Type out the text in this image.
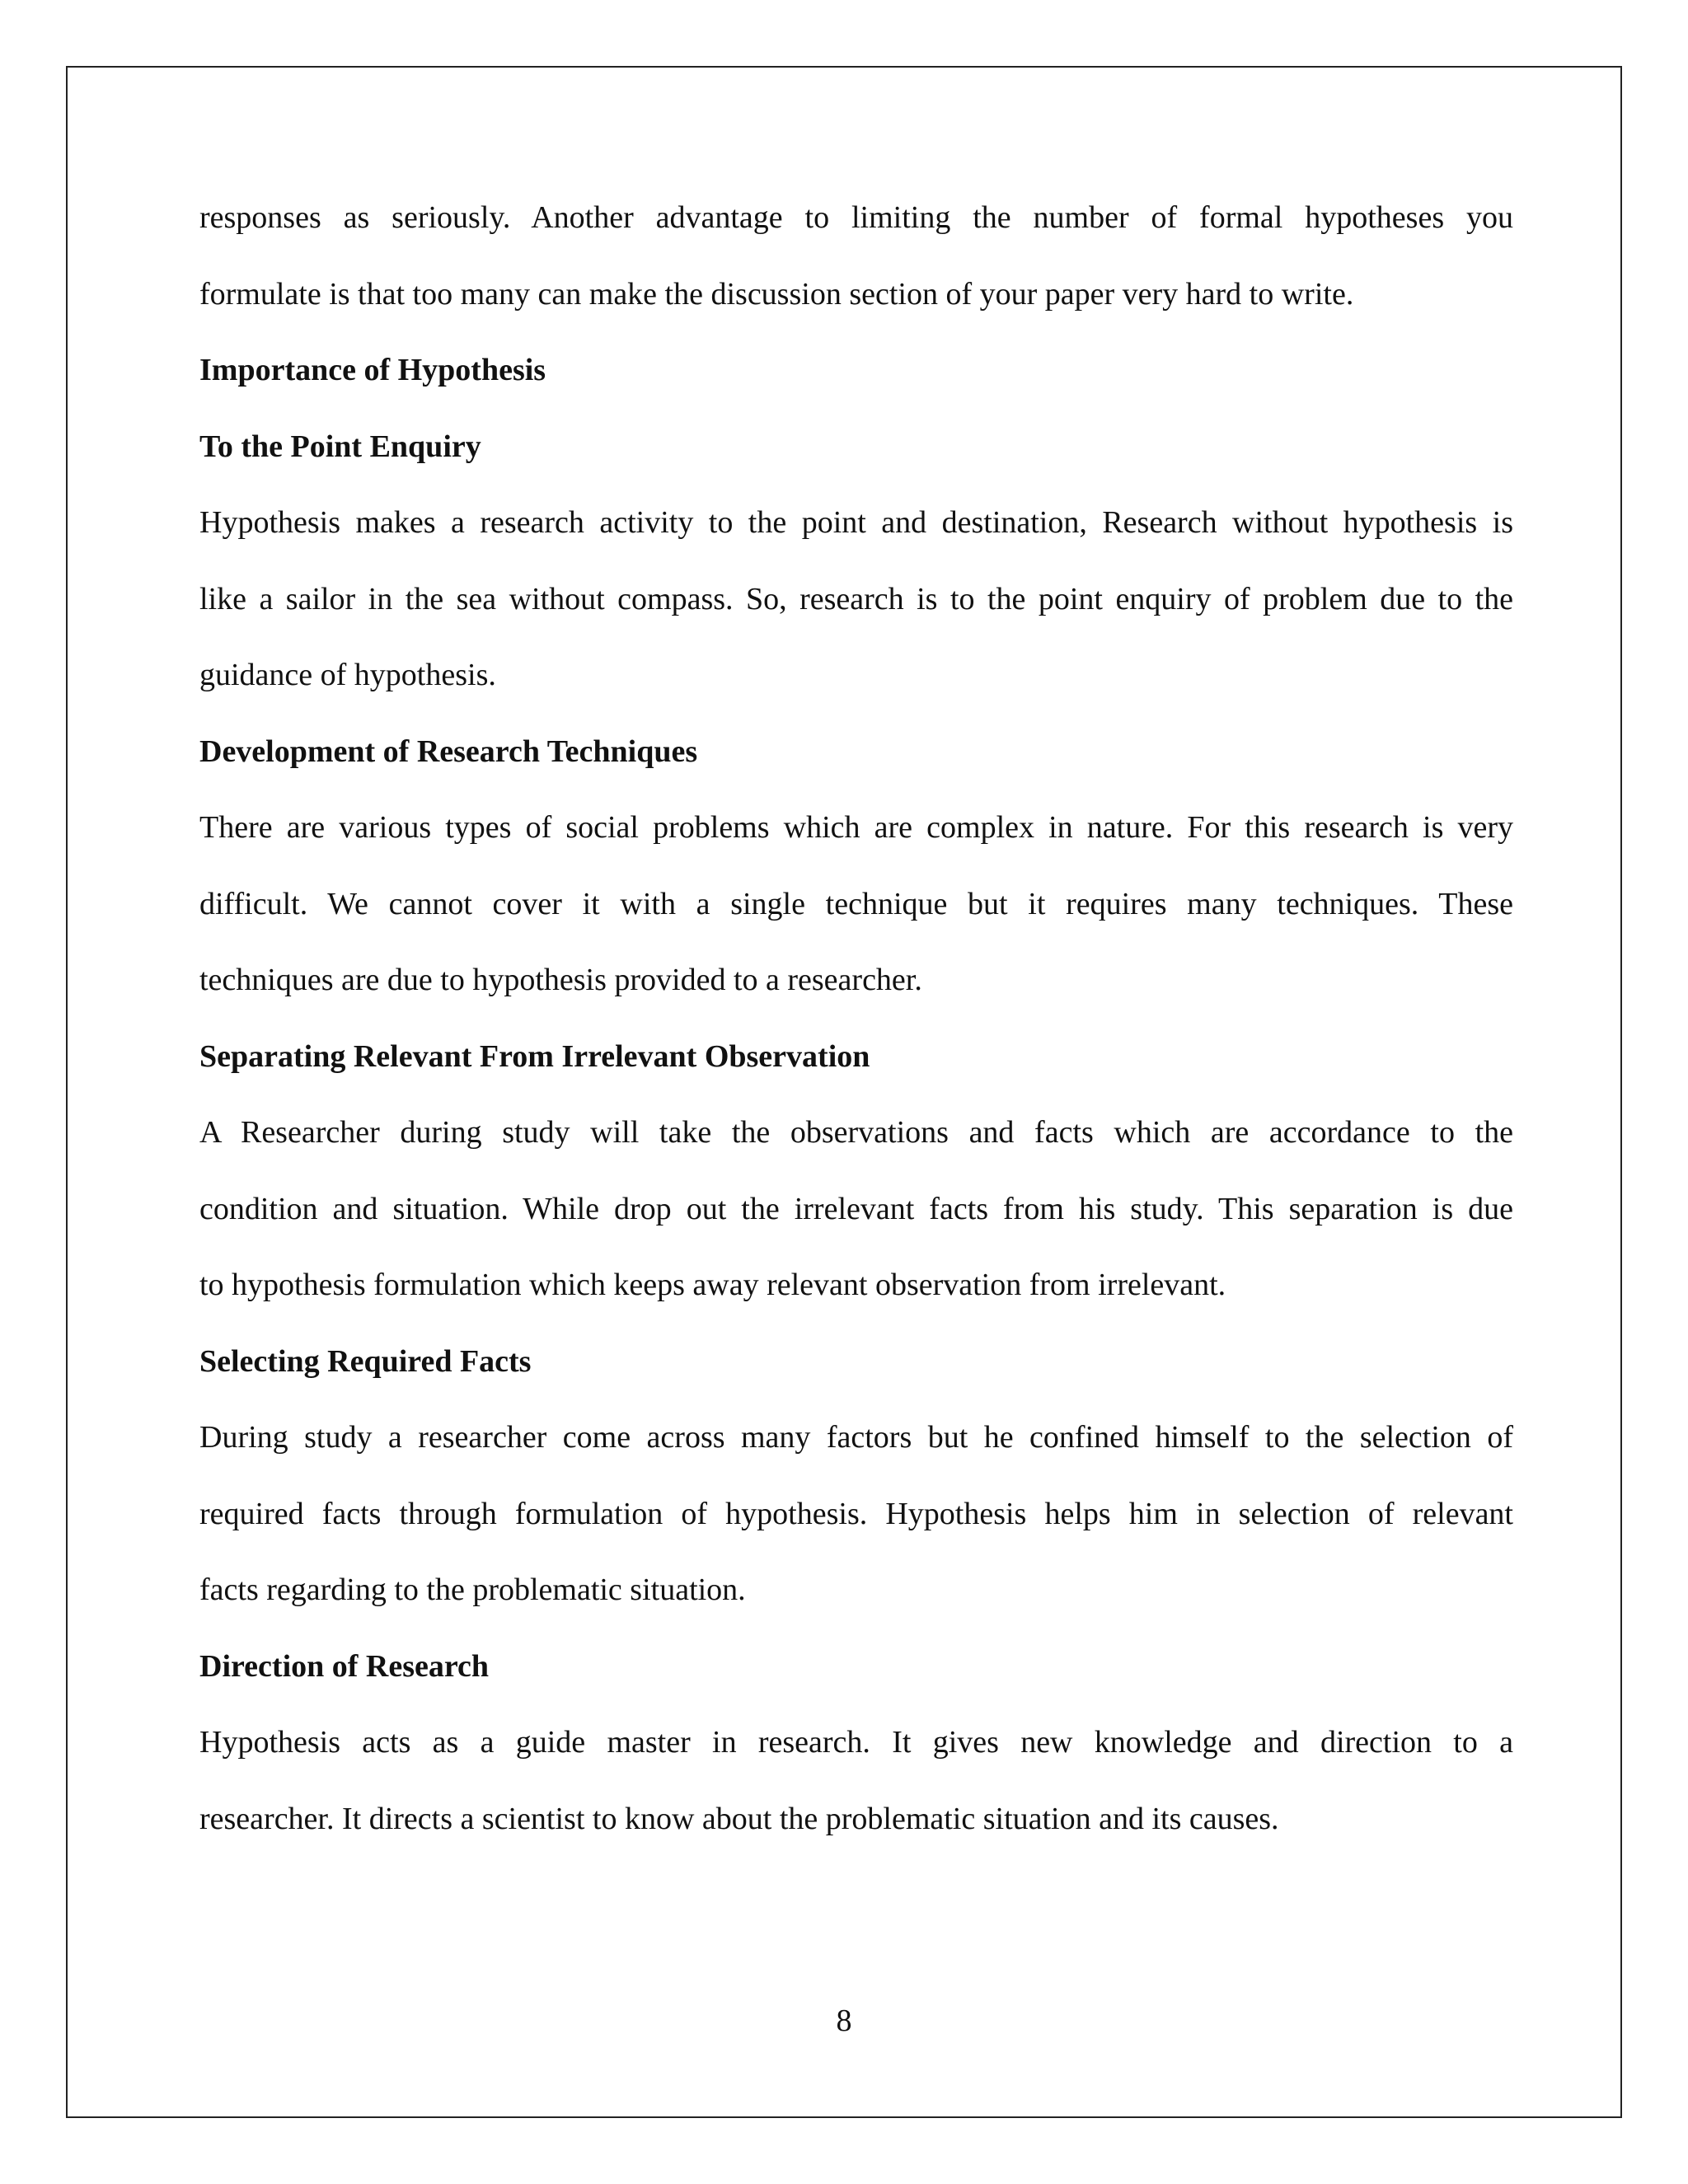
responses as seriously. Another advantage to limiting the number of formal hypotheses you
formulate is that too many can make the discussion section of your paper very hard to write.
Importance of Hypothesis
To the Point Enquiry
Hypothesis makes a research activity to the point and destination, Research without hypothesis is
like a sailor in the sea without compass. So, research is to the point enquiry of problem due to the
guidance of hypothesis.
Development of Research Techniques
There are various types of social problems which are complex in nature. For this research is very
difficult. We cannot cover it with a single technique but it requires many techniques. These
techniques are due to hypothesis provided to a researcher.
Separating Relevant From Irrelevant Observation
A Researcher during study will take the observations and facts which are accordance to the
condition and situation. While drop out the irrelevant facts from his study. This separation is due
to hypothesis formulation which keeps away relevant observation from irrelevant.
Selecting Required Facts
During study a researcher come across many factors but he confined himself to the selection of
required facts through formulation of hypothesis. Hypothesis helps him in selection of relevant
facts regarding to the problematic situation.
Direction of Research
Hypothesis acts as a guide master in research. It gives new knowledge and direction to a
researcher. It directs a scientist to know about the problematic situation and its causes.
8
